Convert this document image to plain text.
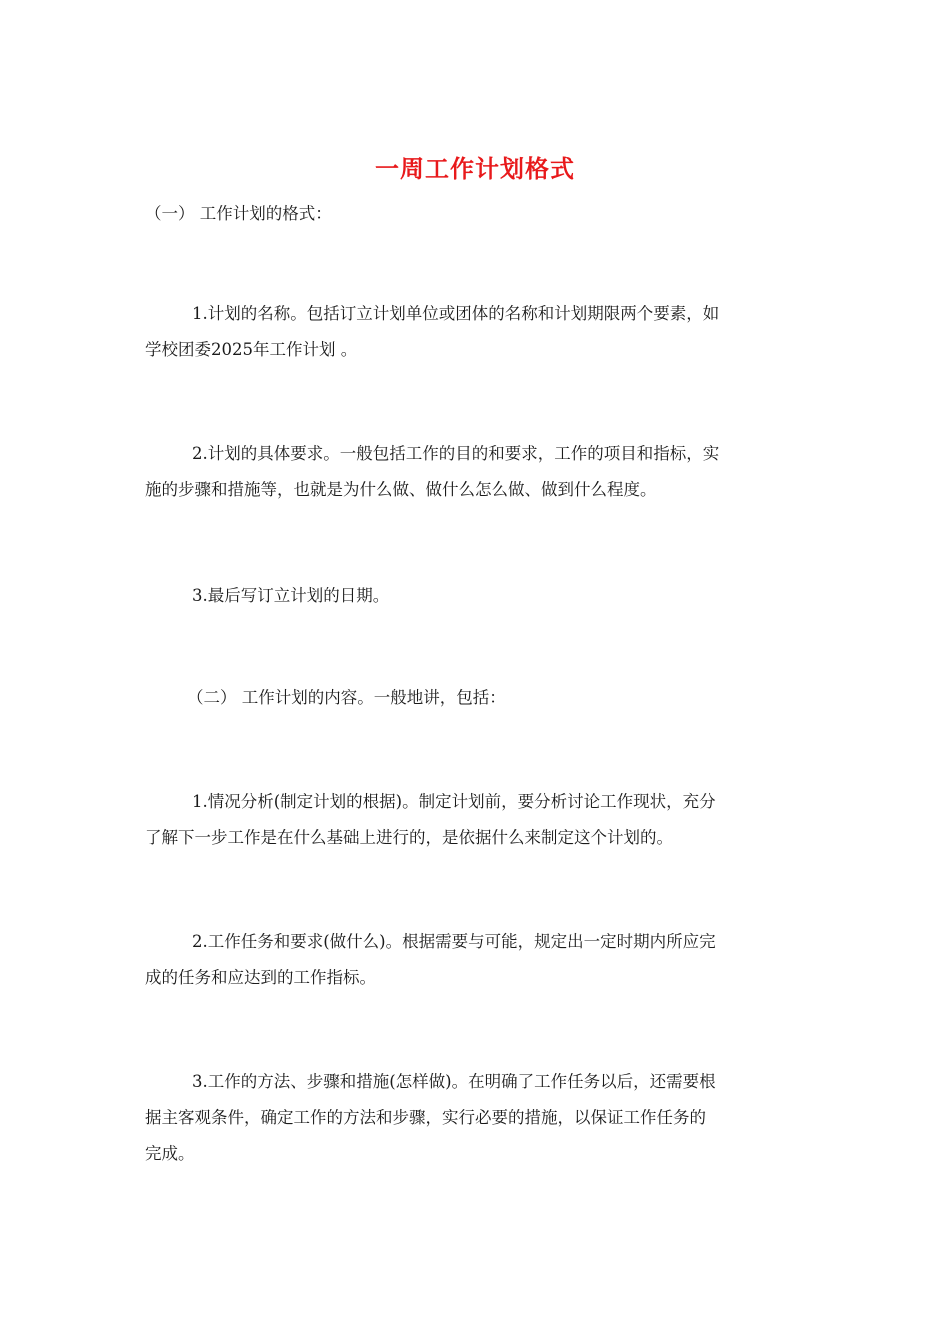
一周工作计划格式

（一） 工作计划的格式：

1.计划的名称。包括订立计划单位或团体的名称和计划期限两个要素，如
学校团委2025年工作计划 。

2.计划的具体要求。一般包括工作的目的和要求，工作的项目和指标，实
施的步骤和措施等，也就是为什么做、做什么怎么做、做到什么程度。

3.最后写订立计划的日期。

（二） 工作计划的内容。一般地讲，包括：

1.情况分析(制定计划的根据)。制定计划前，要分析讨论工作现状，充分
了解下一步工作是在什么基础上进行的，是依据什么来制定这个计划的。

2.工作任务和要求(做什么)。根据需要与可能，规定出一定时期内所应完
成的任务和应达到的工作指标。

3.工作的方法、步骤和措施(怎样做)。在明确了工作任务以后，还需要根
据主客观条件，确定工作的方法和步骤，实行必要的措施，以保证工作任务的
完成。
